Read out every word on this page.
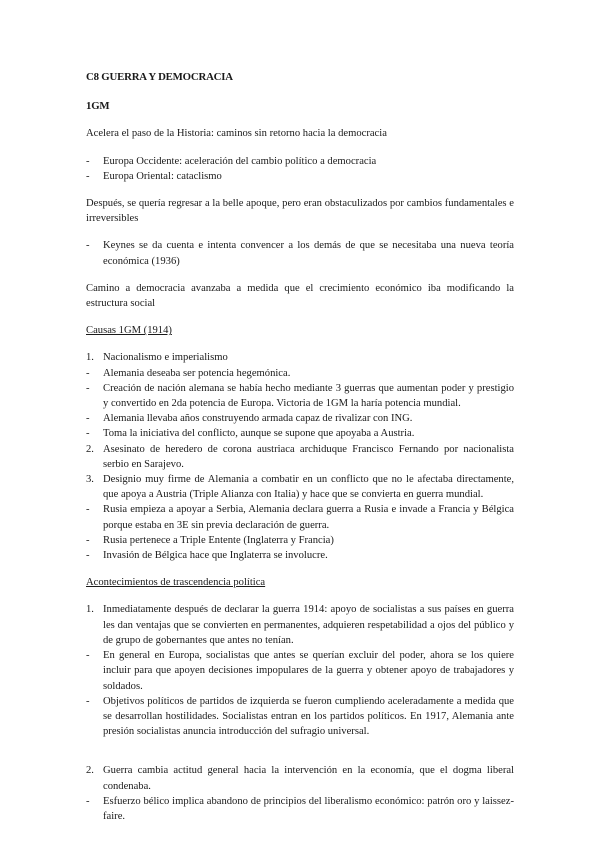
C8 GUERRA Y DEMOCRACIA
1GM

Acelera el paso de la Historia: caminos sin retorno hacia la democracia

- Europa Occidente: aceleración del cambio político a democracia
- Europa Oriental: cataclismo

Después, se quería regresar a la belle apoque, pero eran obstaculizados por cambios fundamentales e irreversibles

- Keynes se da cuenta e intenta convencer a los demás de que se necesitaba una nueva teoría económica (1936)

Camino a democracia avanzaba a medida que el crecimiento económico iba modificando la estructura social

Causas 1GM (1914)
1. Nacionalismo e imperialismo
- Alemania deseaba ser potencia hegemónica.
- Creación de nación alemana se había hecho mediante 3 guerras que aumentan poder y prestigio y convertido en 2da potencia de Europa. Victoria de 1GM la haría potencia mundial.
- Alemania llevaba años construyendo armada capaz de rivalizar con ING.
- Toma la iniciativa del conflicto, aunque se supone que apoyaba a Austria.
2. Asesinato de heredero de corona austriaca archiduque Francisco Fernando por nacionalista serbio en Sarajevo.
3. Designio muy firme de Alemania a combatir en un conflicto que no le afectaba directamente, que apoya a Austria (Triple Alianza con Italia) y hace que se convierta en guerra mundial.
- Rusia empieza a apoyar a Serbia, Alemania declara guerra a Rusia e invade a Francia y Bélgica porque estaba en 3E sin previa declaración de guerra.
- Rusia pertenece a Triple Entente (Inglaterra y Francia)
- Invasión de Bélgica hace que Inglaterra se involucre.
Acontecimientos de trascendencia política
1. Inmediatamente después de declarar la guerra 1914: apoyo de socialistas a sus países en guerra les dan ventajas que se convierten en permanentes, adquieren respetabilidad a ojos del público y de grupo de gobernantes que antes no tenían.
- En general en Europa, socialistas que antes se querían excluir del poder, ahora se los quiere incluir para que apoyen decisiones impopulares de la guerra y obtener apoyo de trabajadores y soldados.
- Objetivos políticos de partidos de izquierda se fueron cumpliendo aceleradamente a medida que se desarrollan hostilidades. Socialistas entran en los partidos políticos. En 1917, Alemania ante presión socialistas anuncia introducción del sufragio universal.
2. Guerra cambia actitud general hacia la intervención en la economía, que el dogma liberal condenaba.
- Esfuerzo bélico implica abandono de principios del liberalismo económico: patrón oro y laissez-faire.
